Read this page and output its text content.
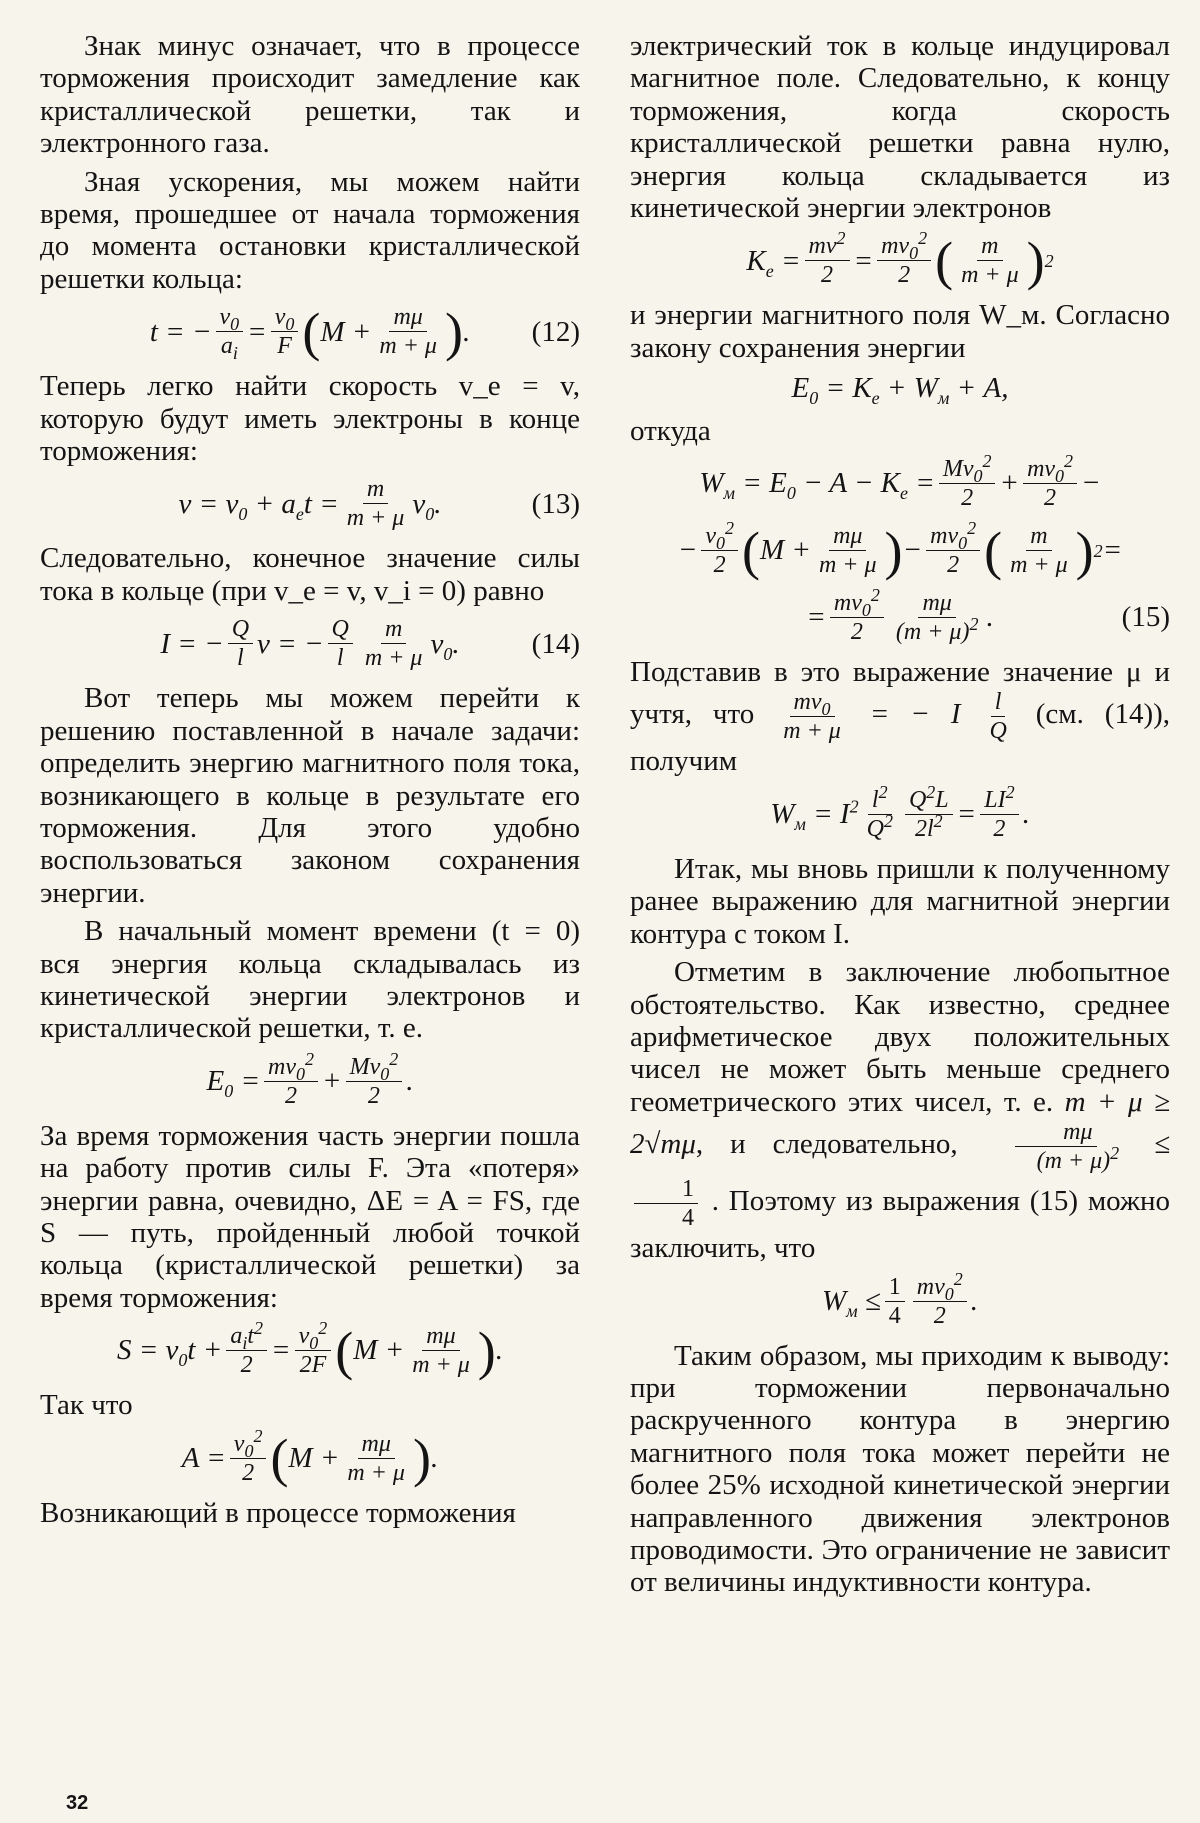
Знак минус означает, что в процессе торможения происходит замедление как кристаллической решетки, так и электронного газа.

Зная ускорения, мы можем найти время, прошедшее от начала торможения до момента остановки кристаллической решетки кольца:

t = − $\frac{v_0}{a_i} = \frac{v_0}{F}$ ( $M + \frac{m\mu}{m + \mu}$ ) . (12)

Теперь легко найти скорость v_e = v, которую будут иметь электроны в конце торможения:

$v = v_0 + a_et = \frac{m}{m + \mu} v_0$.	(13)

Следовательно, конечное значение силы тока в кольце (при v_e = v, v_i = 0) равно

I = − $\frac{Q}{l}$ v = − $\frac{Q}{l} \frac{m}{m + \mu} v_0$. (14)

Вот теперь мы можем перейти к решению поставленной в начале задачи: определить энергию магнитного поля тока, возникающего в кольце в результате его торможения. Для этого удобно воспользоваться законом сохранения энергии.

В начальный момент времени (t = 0) вся энергия кольца складывалась из кинетической энергии электронов и кристаллической решетки, т. е.

$E_0 = \frac{mv_0^2}{2} + \frac{Mv_0^2}{2}$ .

За время торможения часть энергии пошла на работу против силы F. Эта «потеря» энергии равна, очевидно, ΔE = A = FS, где S — путь, пройденный любой точкой кольца (кристаллической решетки) за время торможения:

$S = v_0t + \frac{a_it^2}{2} = \frac{v_0^2}{2F}$ ( $M + \frac{m\mu}{m + \mu}$ ) .

Так что

$A = \frac{v_0^2}{2}$ ( $M + \frac{m\mu}{m + \mu}$ ) .

Возникающий в процессе торможения

электрический ток в кольце индуцировал магнитное поле. Следовательно, к концу торможения, когда скорость кристаллической решетки равна нулю, энергия кольца складывается из кинетической энергии электронов

$K_e = \frac{mv^2}{2} = \frac{mv_0^2}{2}$ ( $\frac{m}{m + \mu}$ ) 2

и энергии магнитного поля W_м. Согласно закону сохранения энергии

$E_0 = K_e + W_м + A$,

откуда

$W_м = E_0 - A - K_e = \frac{Mv_0^2}{2} + \frac{mv_0^2}{2}$ −
− $\frac{v_0^2}{2}$ ( $M + \frac{m\mu}{m + \mu}$ ) − $\frac{mv_0^2}{2}$ ( $\frac{m}{m + \mu}$ ) 2 =
= $\frac{mv_0^2}{2} \frac{m\mu}{(m + \mu)^2}$ .	(15)

Подставив в это выражение значение μ и учтя, что $\frac{mv_0}{m + \mu}$ = − I $\frac{l}{Q} (см$. (14)), получим

$W_м = I^2 \frac{l^2}{Q^2} \frac{Q^2L}{2l^2} = \frac{LI^2}{2}$ .

Итак, мы вновь пришли к полученному ранее выражению для магнитной энергии контура с током I.

Отметим в заключение любопытное обстоятельство. Как известно, среднее арифметическое двух положительных чисел не может быть меньше среднего геометрического этих чисел, т. е. m + μ ≥ 2√mμ, и следовательно, $\frac{m\mu}{(m + \mu)^2}$ ≤
$\frac{1}{4}$ . Поэтому из выражения (15) можно заключить, что

$W_м \le \frac{1}{4} \frac{mv_0^2}{2}$ .

Таким образом, мы приходим к выводу: при торможении первоначально раскрученного контура в энергию магнитного поля тока может перейти не более 25% исходной кинетической энергии направленного движения электронов проводимости. Это ограничение не зависит от величины индуктивности контура.

32
